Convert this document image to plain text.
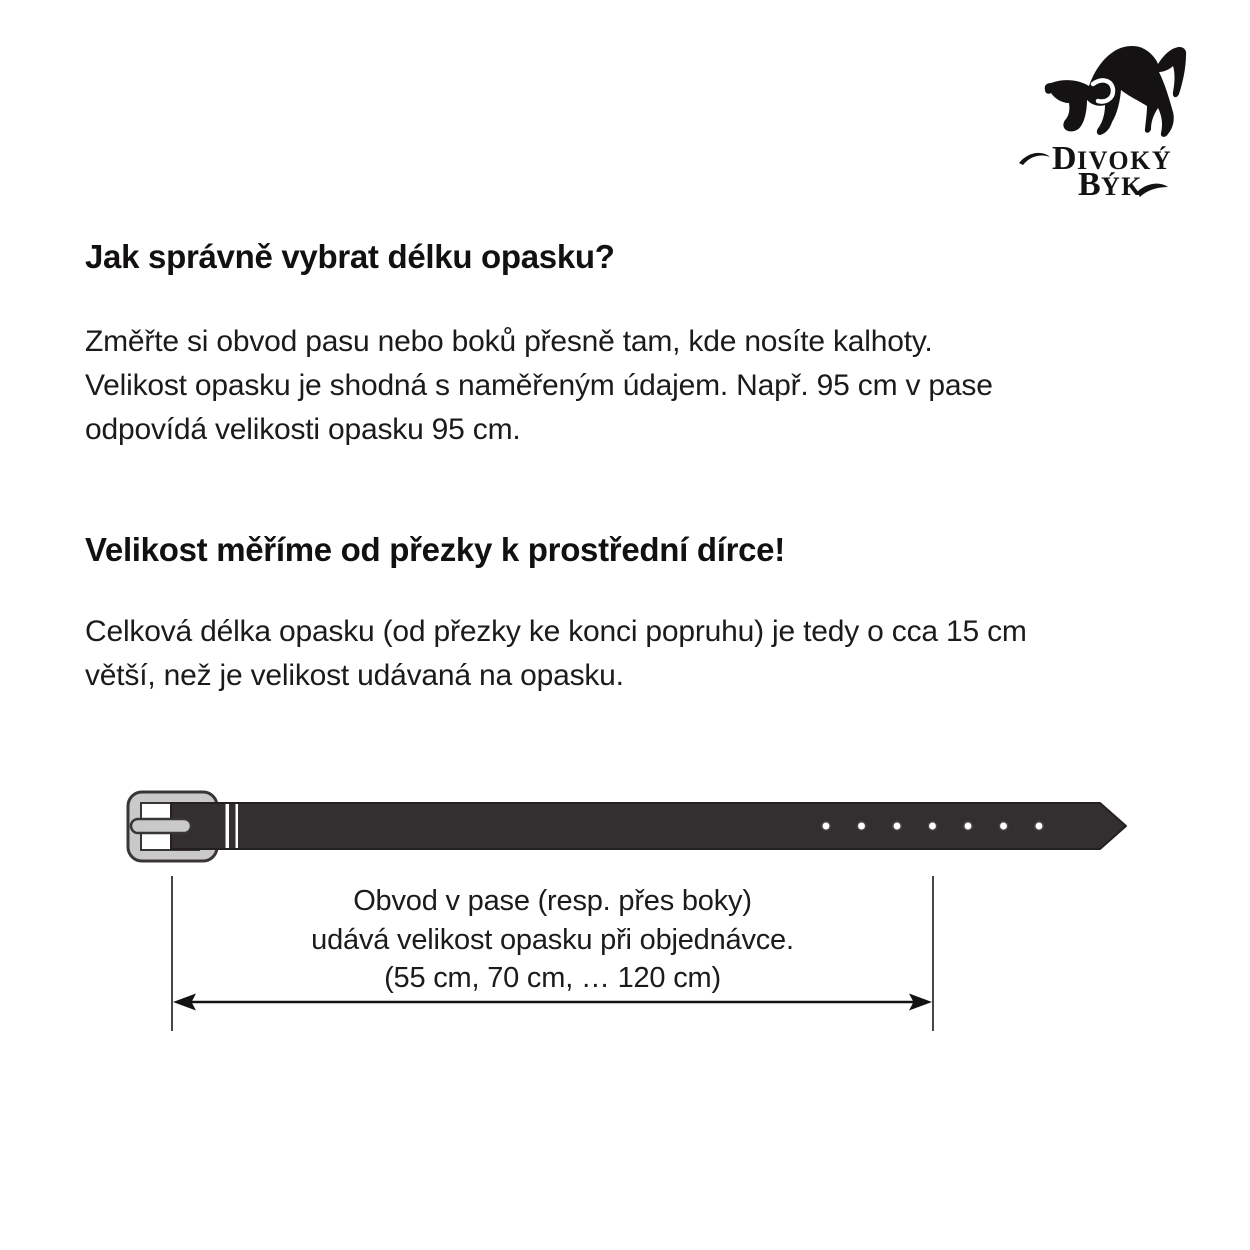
D IVOKÝ
B ÝK
Jak správně vybrat délku opasku?
Změřte si obvod pasu nebo boků přesně tam, kde nosíte kalhoty.
Velikost opasku je shodná s naměřeným údajem. Např. 95 cm v pase
odpovídá velikosti opasku 95 cm.
Velikost měříme od přezky k prostřední dírce!
Celková délka opasku (od přezky ke konci popruhu) je tedy o cca 15 cm
větší, než je velikost udávaná na opasku.
Obvod v pase (resp. přes boky)
udává velikost opasku při objednávce.
(55 cm, 70 cm, … 120 cm)
